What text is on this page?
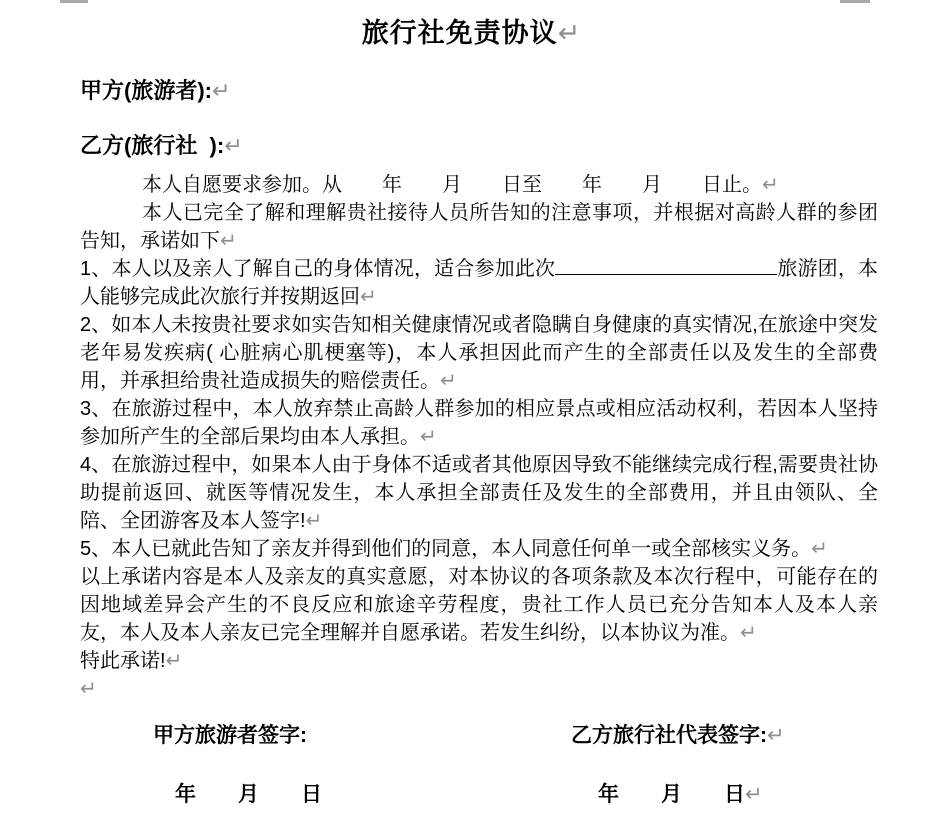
旅行社免责协议↵

甲方(旅游者):↵

乙方(旅行社  ):↵

本人自愿要求参加。从　　年　　月　　日至　　年　　月　　日止。↵

本人已完全了解和理解贵社接待人员所告知的注意事项，并根据对高龄人群的参团告知，承诺如下↵

1、本人以及亲人了解自己的身体情况，适合参加此次	旅游团，本人能够完成此次旅行并按期返回↵

2、如本人未按贵社要求如实告知相关健康情况或者隐瞒自身健康的真实情况,在旅途中突发老年易发疾病( 心脏病心肌梗塞等)，本人承担因此而产生的全部责任以及发生的全部费用，并承担给贵社造成损失的赔偿责任。↵

3、在旅游过程中，本人放弃禁止高龄人群参加的相应景点或相应活动权利，若因本人坚持参加所产生的全部后果均由本人承担。↵

4、在旅游过程中，如果本人由于身体不适或者其他原因导致不能继续完成行程,需要贵社协助提前返回、就医等情况发生，本人承担全部责任及发生的全部费用，并且由领队、全陪、全团游客及本人签字!↵

5、本人已就此告知了亲友并得到他们的同意，本人同意任何单一或全部核实义务。↵

以上承诺内容是本人及亲友的真实意愿，对本协议的各项条款及本次行程中，可能存在的因地域差异会产生的不良反应和旅途辛劳程度，贵社工作人员已充分告知本人及本人亲友，本人及本人亲友已完全理解并自愿承诺。若发生纠纷，以本协议为准。↵

特此承诺!↵

↵

甲方旅游者签字:	乙方旅行社代表签字:↵
年　　月　　日	年　　月　　日↵
